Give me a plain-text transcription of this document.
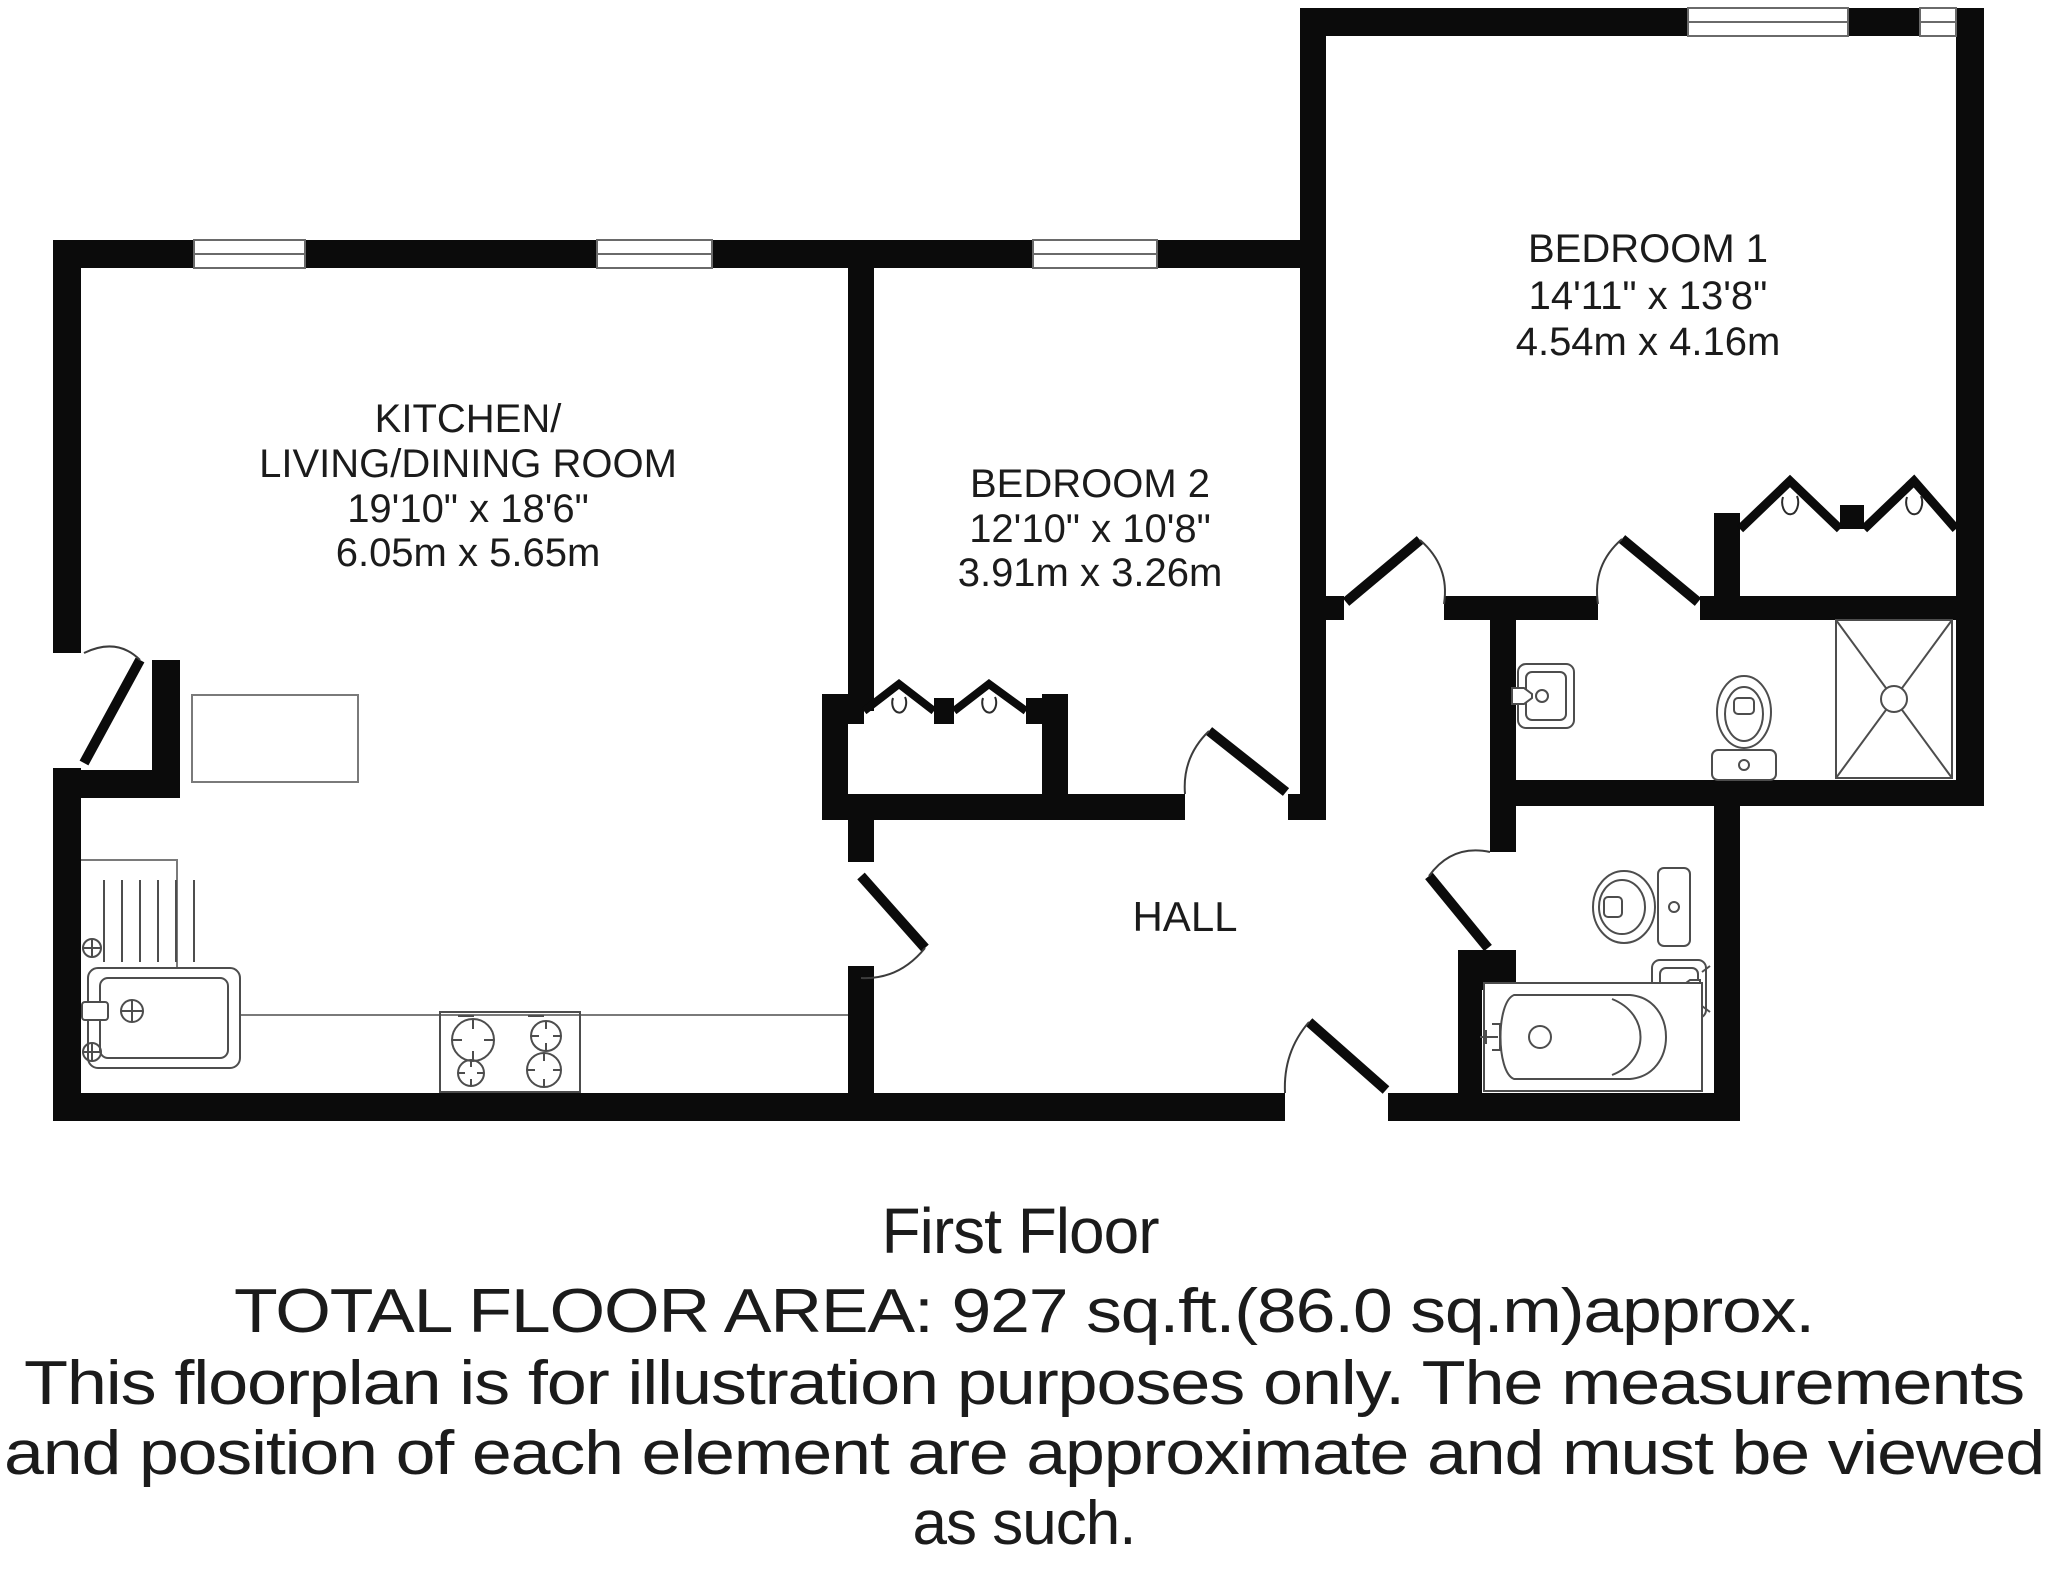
KITCHEN/
LIVING/DINING ROOM
19'10" x 18'6"
6.05m x 5.65m
BEDROOM 2
12'10" x 10'8"
3.91m x 3.26m
BEDROOM 1
14'11" x 13'8"
4.54m x 4.16m
HALL
First Floor
TOTAL FLOOR AREA: 927 sq.ft.(86.0 sq.m)approx.
This floorplan is for illustration purposes only. The measurements
and position of each element are approximate and must be viewed
as such.
